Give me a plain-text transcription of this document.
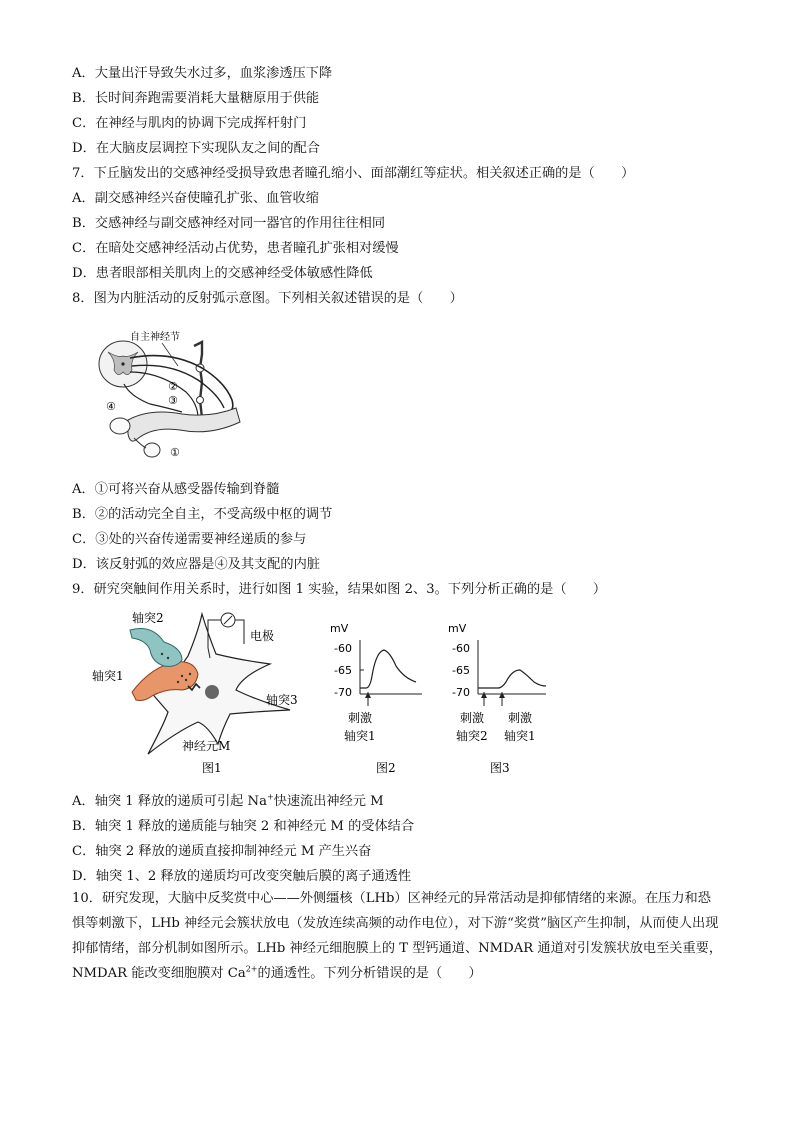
A．大量出汗导致失水过多，血浆渗透压下降
B．长时间奔跑需要消耗大量糖原用于供能
C．在神经与肌肉的协调下完成挥杆射门
D．在大脑皮层调控下实现队友之间的配合
7．下丘脑发出的交感神经受损导致患者瞳孔缩小、面部潮红等症状。相关叙述正确的是（　　）
A．副交感神经兴奋使瞳孔扩张、血管收缩
B．交感神经与副交感神经对同一器官的作用往往相同
C．在暗处交感神经活动占优势，患者瞳孔扩张相对缓慢
D．患者眼部相关肌肉上的交感神经受体敏感性降低
8．图为内脏活动的反射弧示意图。下列相关叙述错误的是（　　）
自主神经节
②
③
④
①
A．①可将兴奋从感受器传输到脊髓
B．②的活动完全自主，不受高级中枢的调节
C．③处的兴奋传递需要神经递质的参与
D．该反射弧的效应器是④及其支配的内脏
9．研究突触间作用关系时，进行如图 1 实验，结果如图 2、3。下列分析正确的是（　　）
电极
轴突2
轴突1
轴突3
神经元M
图1
mV
-60
-65
-70
刺激
轴突1
图2
mV
-60
-65
-70
刺激
轴突2
刺激
轴突1
图3
A．轴突 1 释放的递质可引起 Na+快速流出神经元 M
B．轴突 1 释放的递质能与轴突 2 和神经元 M 的受体结合
C．轴突 2 释放的递质直接抑制神经元 M 产生兴奋
D．轴突 1、2 释放的递质均可改变突触后膜的离子通透性
10．研究发现，大脑中反奖赏中心——外侧缰核（LHb）区神经元的异常活动是抑郁情绪的来源。在压力和恐惧等刺激下，LHb 神经元会簇状放电（发放连续高频的动作电位），对下游“奖赏”脑区产生抑制，从而使人出现抑郁情绪，部分机制如图所示。LHb 神经元细胞膜上的 T 型钙通道、NMDAR 通道对引发簇状放电至关重要，NMDAR 能改变细胞膜对 $Ca^{2+}$的通透性。下列分析错误的是（　　）
